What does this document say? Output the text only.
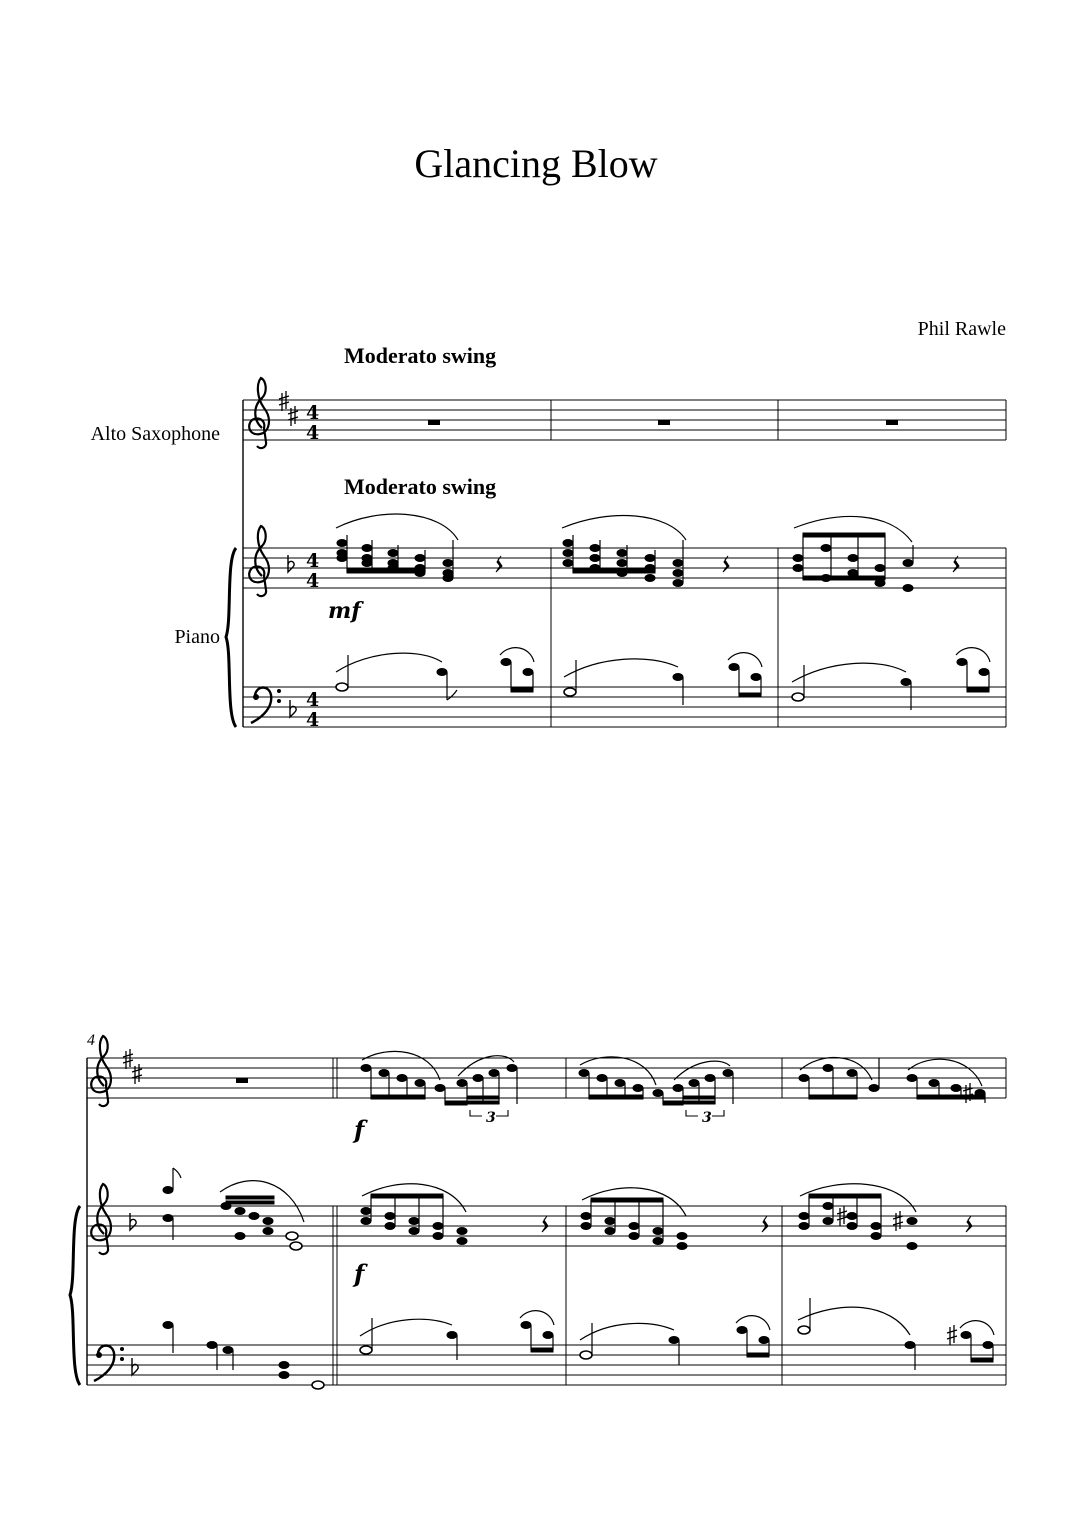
Glancing Blow
Phil Rawle
Moderato swing
Moderato swing
Alto Saxophone
Piano
4
4
4
4
4
4
4
mf
f	3	3
f
